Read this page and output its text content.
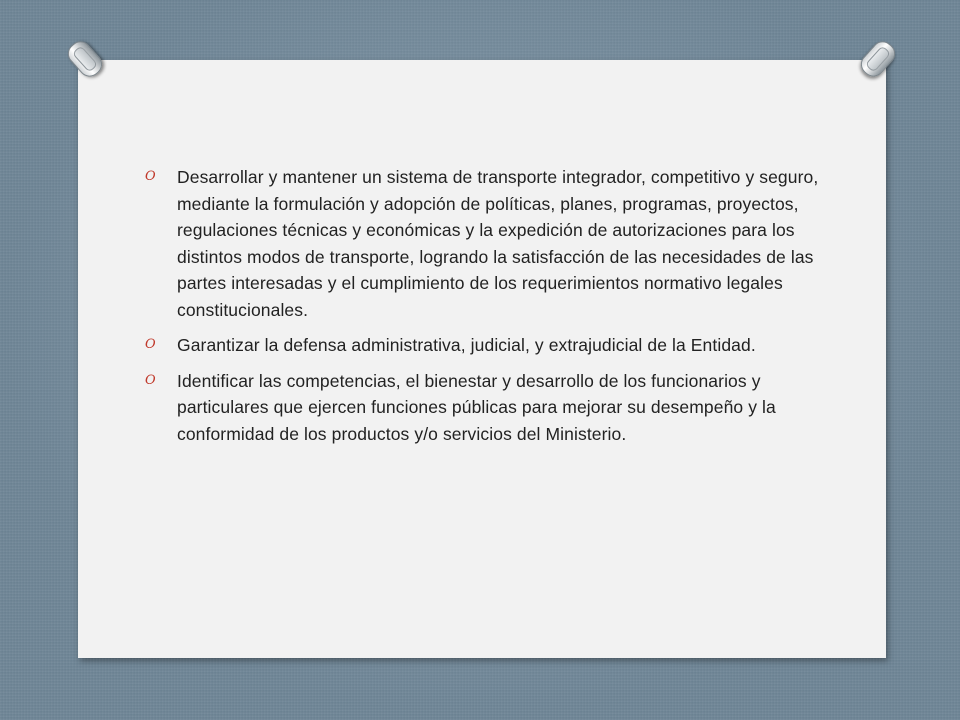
O Desarrollar y mantener un sistema de transporte integrador, competitivo y seguro, mediante la formulación y adopción de políticas, planes, programas, proyectos, regulaciones técnicas y económicas y la expedición de autorizaciones para los distintos modos de transporte, logrando la satisfacción de las necesidades de las partes interesadas y el cumplimiento de los requerimientos normativo legales constitucionales.
O Garantizar la defensa administrativa, judicial, y extrajudicial de la Entidad.
O Identificar las competencias, el bienestar y desarrollo de los funcionarios y particulares que ejercen funciones públicas para mejorar su desempeño y la conformidad de los productos y/o servicios del Ministerio.
